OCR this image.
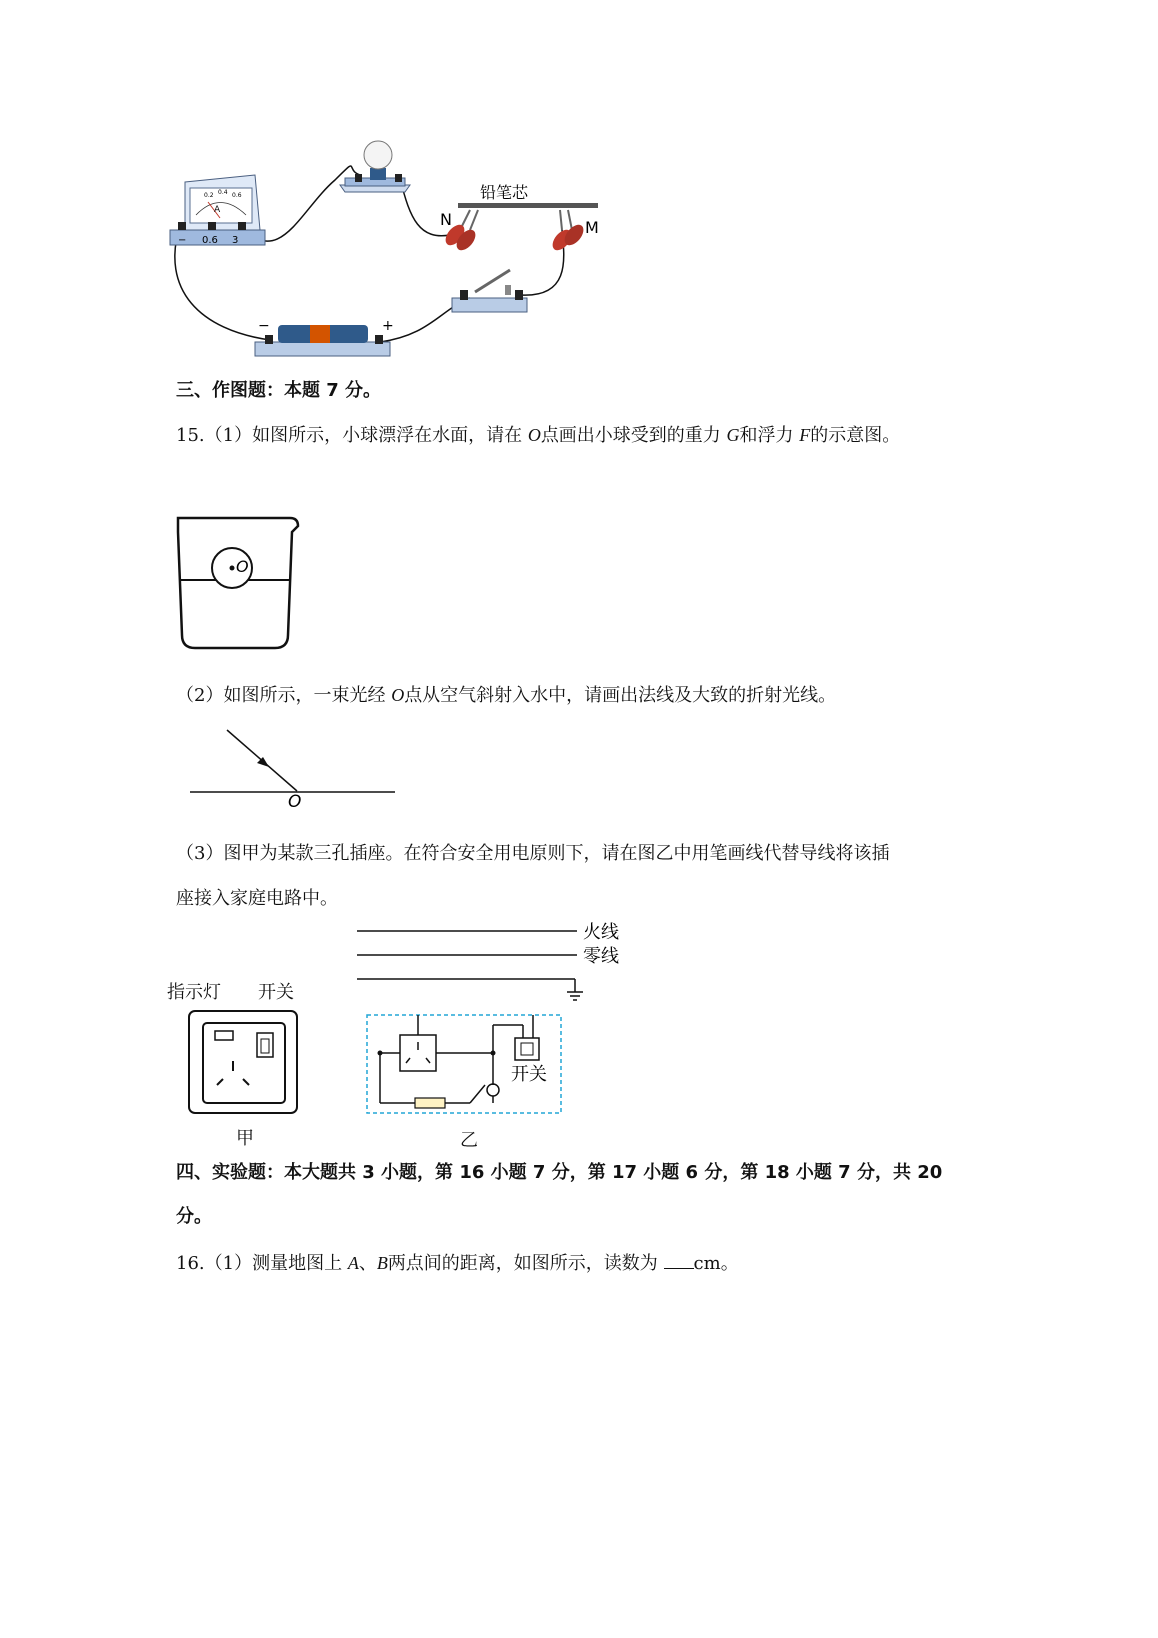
A
0.2 0.4 0.6
− 0.6 3
铅笔芯
N	M
−	+
三、作图题：本题 7 分。
15.（1）如图所示，小球漂浮在水面，请在 O点画出小球受到的重力 G和浮力 F的示意图。
O
（2）如图所示，一束光经 O点从空气斜射入水中，请画出法线及大致的折射光线。
O
（3）图甲为某款三孔插座。在符合安全用电原则下，请在图乙中用笔画线代替导线将该插
座接入家庭电路中。
指示灯 开关
甲
火线
零线
开关
乙
四、实验题：本大题共 3 小题，第 16 小题 7 分，第 17 小题 6 分，第 18 小题 7 分，共 20
分。
16.（1）测量地图上 A、B两点间的距离，如图所示，读数为 cm。
